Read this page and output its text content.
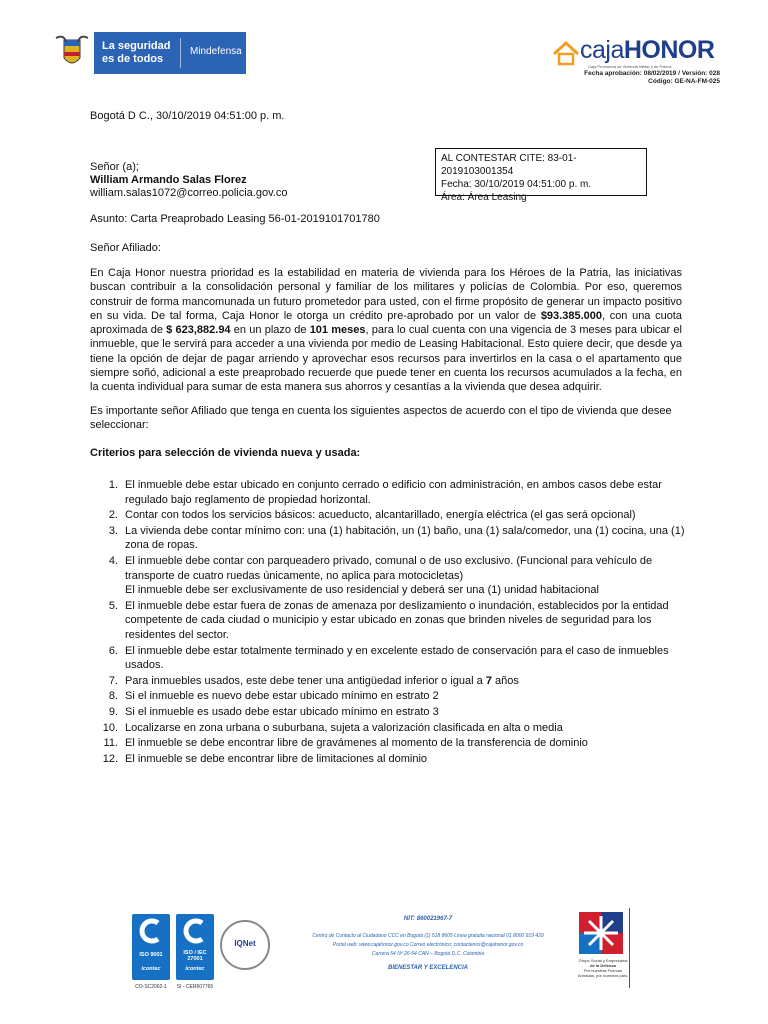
La seguridad
es de todos
Mindefensa	cajaHONOR
Caja Promotora de Vivienda Militar y de Policía
Fecha aprobación: 08/02/2019 / Versión: 028
Código: GE-NA-FM-025
Bogotá D C., 30/10/2019 04:51:00 p. m.
AL CONTESTAR CITE: 83-01-2019103001354
Fecha: 30/10/2019 04:51:00 p. m.
Área: Área Leasing
Señor (a);
William Armando Salas Florez
william.salas1072@correo.policia.gov.co
Asunto: Carta Preaprobado Leasing 56-01-2019101701780
Señor Afiliado:
En Caja Honor nuestra prioridad es la estabilidad en materia de vivienda para los Héroes de la Patria, las iniciativas buscan contribuir a la consolidación personal y familiar de los militares y policías de Colombia. Por eso, queremos construir de forma mancomunada un futuro prometedor para usted, con el firme propósito de generar un impacto positivo en su vida. De tal forma, Caja Honor le otorga un crédito pre-aprobado por un valor de $93.385.000, con una cuota aproximada de $ 623,882.94 en un plazo de 101 meses, para lo cual cuenta con una vigencia de 3 meses para ubicar el inmueble, que le servirá para acceder a una vivienda por medio de Leasing Habitacional. Esto quiere decir, que desde ya tiene la opción de dejar de pagar arriendo y aprovechar esos recursos para invertirlos en la casa o el apartamento que siempre soñó, adicional a este preaprobado recuerde que puede tener en cuenta los recursos acumulados a la fecha, en la cuenta individual para sumar de esta manera sus ahorros y cesantías a la vivienda que desea adquirir.
Es importante señor Afiliado que tenga en cuenta los siguientes aspectos de acuerdo con el tipo de vivienda que desee seleccionar:
Criterios para selección de vivienda nueva y usada:
1. El inmueble debe estar ubicado en conjunto cerrado o edificio con administración, en ambos casos debe estar regulado bajo reglamento de propiedad horizontal.
2. Contar con todos los servicios básicos: acueducto, alcantarillado, energía eléctrica (el gas será opcional)
3. La vivienda debe contar mínimo con: una (1) habitación, un (1) baño, una (1) sala/comedor, una (1) cocina, una (1) zona de ropas.
4. El inmueble debe contar con parqueadero privado, comunal o de uso exclusivo. (Funcional para vehículo de transporte de cuatro ruedas únicamente, no aplica para motocicletas)
El inmueble debe ser exclusivamente de uso residencial y deberá ser una (1) unidad habitacional
5. El inmueble debe estar fuera de zonas de amenaza por deslizamiento o inundación, establecidos por la entidad competente de cada ciudad o municipio y estar ubicado en zonas que brinden niveles de seguridad para los residentes del sector.
6. El inmueble debe estar totalmente terminado y en excelente estado de conservación para el caso de inmuebles usados.
7. Para inmuebles usados, este debe tener una antigüedad inferior o igual a 7 años
8. Si el inmueble es nuevo debe estar ubicado mínimo en estrato 2
9. Si el inmueble es usado debe estar ubicado mínimo en estrato 3
10. Localizarse en zona urbana o suburbana, sujeta a valorización clasificada en alta o media
11. El inmueble se debe encontrar libre de gravámenes al momento de la transferencia de dominio
12. El inmueble se debe encontrar libre de limitaciones al dominio
ISO 9001
icontec
CO-SC2062-1
ISO / IEC 27001
icontec
SI - CER607765
IQNet
NIT: 860021967-7
Centro de Contacto al Ciudadano CCC en Bogotá (1) 518 8605 Línea gratuita nacional 01 8000 919 429
Portal web: www.cajahonor.gov.co Correo electrónico: contactenos@cajahonor.gov.co
Carrera 54 Nº 26-54 CAN – Bogotá D.C. Colombia
BIENESTAR Y EXCELENCIA
Grupo Social y Empresarial
de la Defensa
Por nuestras Fuerzas Armadas, por nuestros país.
